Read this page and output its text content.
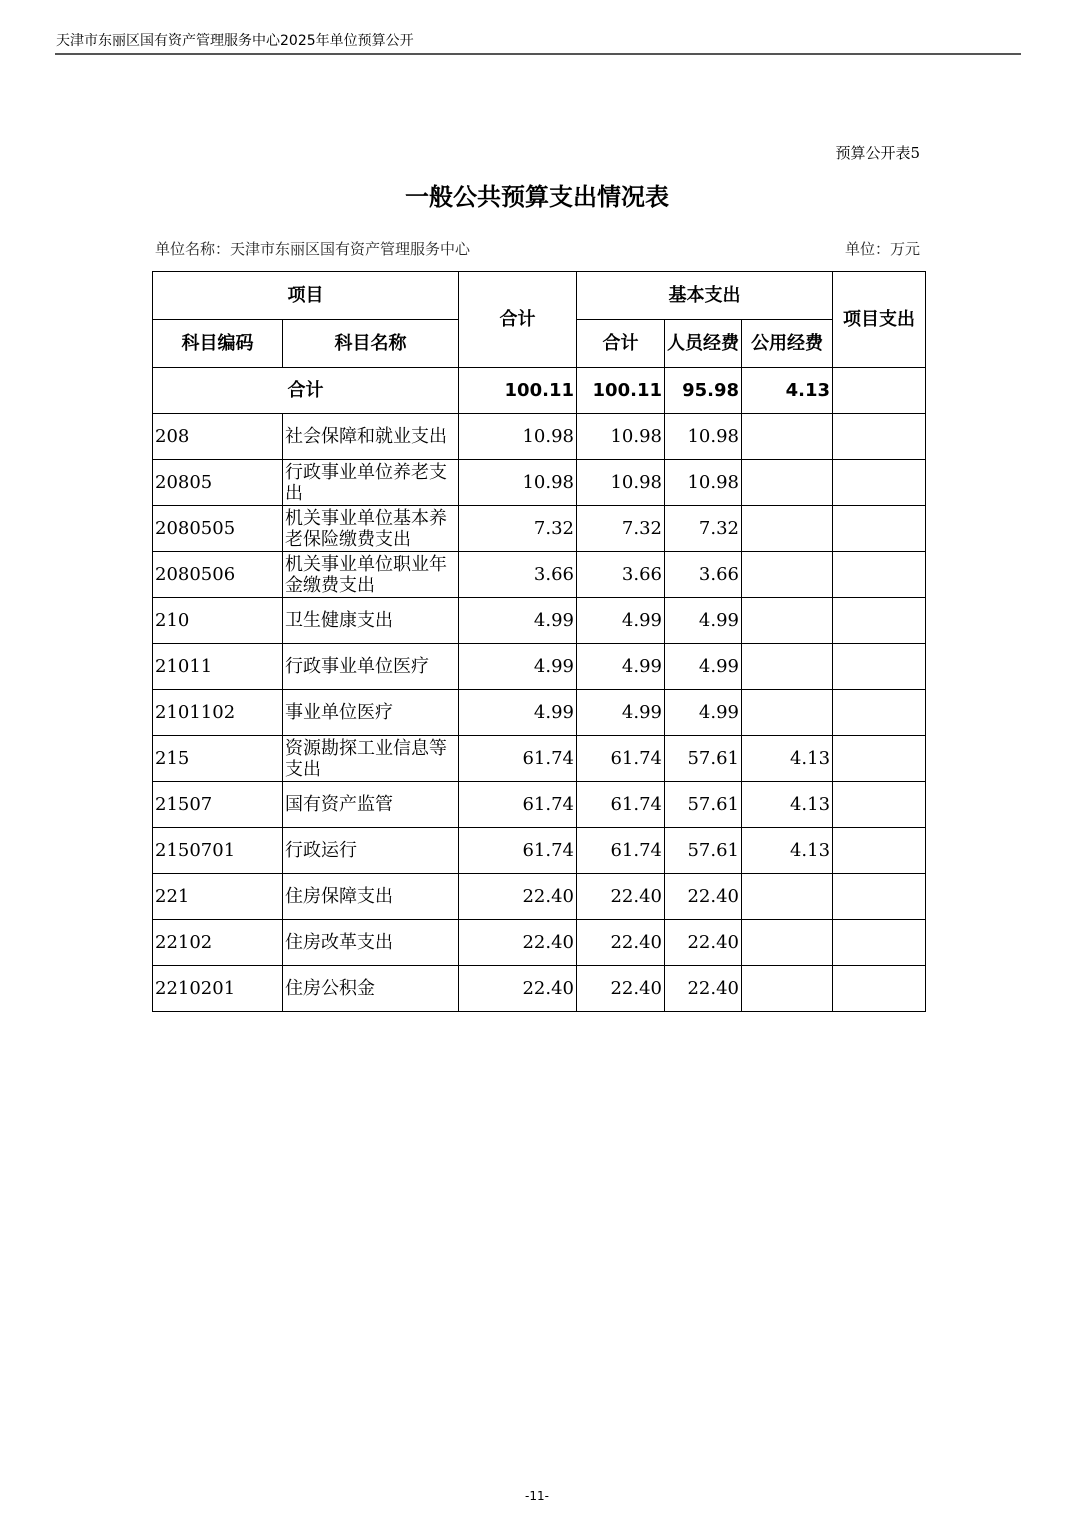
天津市东丽区国有资产管理服务中心2025年单位预算公开
预算公开表5
一般公共预算支出情况表
单位名称：天津市东丽区国有资产管理服务中心	单位：万元
项目		合计	基本支出			项目支出
科目编码	科目名称		合计	人员经费	公用经费	
合计		100.11	100.11	95.98	4.13	
208	社会保障和就业支出	10.98	10.98	10.98		
20805	行政事业单位养老支出	10.98	10.98	10.98		
2080505	机关事业单位基本养老保险缴费支出	7.32	7.32	7.32		
2080506	机关事业单位职业年金缴费支出	3.66	3.66	3.66		
210	卫生健康支出	4.99	4.99	4.99		
21011	行政事业单位医疗	4.99	4.99	4.99		
2101102	事业单位医疗	4.99	4.99	4.99		
215	资源勘探工业信息等支出	61.74	61.74	57.61	4.13	
21507	国有资产监管	61.74	61.74	57.61	4.13	
2150701	行政运行	61.74	61.74	57.61	4.13	
221	住房保障支出	22.40	22.40	22.40		
22102	住房改革支出	22.40	22.40	22.40		
2210201	住房公积金	22.40	22.40	22.40		
-11-
